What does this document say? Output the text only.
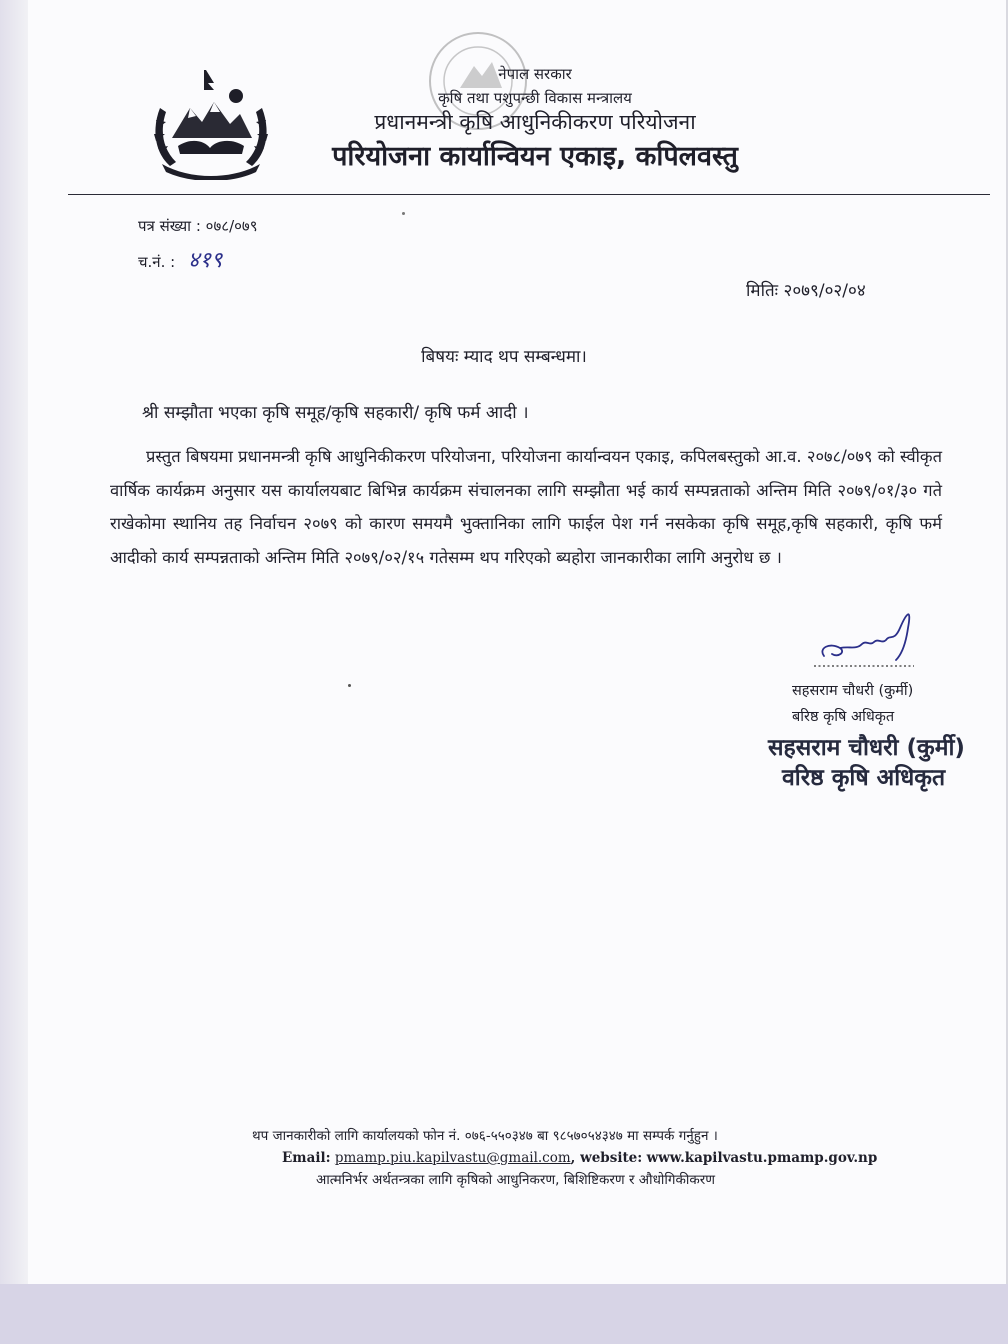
नेपाल सरकार
कृषि तथा पशुपन्छी विकास मन्त्रालय
प्रधानमन्त्री कृषि आधुनिकीकरण परियोजना
परियोजना कार्यान्वियन एकाइ, कपिलवस्तु
पत्र संख्या : ०७८/०७९
च.नं. : ४१९
मितिः २०७९/०२/०४
बिषयः म्याद थप सम्बन्धमा।
श्री सम्झौता भएका कृषि समूह/कृषि सहकारी/ कृषि फर्म आदी ।
प्रस्तुत बिषयमा प्रधानमन्त्री कृषि आधुनिकीकरण परियोजना, परियोजना कार्यान्वयन एकाइ, कपिलबस्तुको आ.व. २०७८/०७९ को स्वीकृत वार्षिक कार्यक्रम अनुसार यस कार्यालयबाट बिभिन्न कार्यक्रम संचालनका लागि सम्झौता भई कार्य सम्पन्नताको अन्तिम मिति २०७९/०१/३० गते राखेकोमा स्थानिय तह निर्वाचन २०७९ को कारण समयमै भुक्तानिका लागि फाईल पेश गर्न नसकेका कृषि समूह,कृषि सहकारी, कृषि फर्म आदीको कार्य सम्पन्नताको अन्तिम मिति २०७९/०२/१५ गतेसम्म थप गरिएको ब्यहोरा जानकारीका लागि अनुरोध छ ।
सहसराम चौधरी (कुर्मी)
बरिष्ठ कृषि अधिकृत
सहसराम चौधरी (कुर्मी)
वरिष्ठ कृषि अधिकृत
थप जानकारीको लागि कार्यालयको फोन नं. ०७६-५५०३४७ बा ९८५७०५४३४७ मा सम्पर्क गर्नुहुन ।
Email: pmamp.piu.kapilvastu@gmail.com, website: www.kapilvastu.pmamp.gov.np
आत्मनिर्भर अर्थतन्त्रका लागि कृषिको आधुनिकरण, बिशिष्टिकरण र औधोगिकीकरण
